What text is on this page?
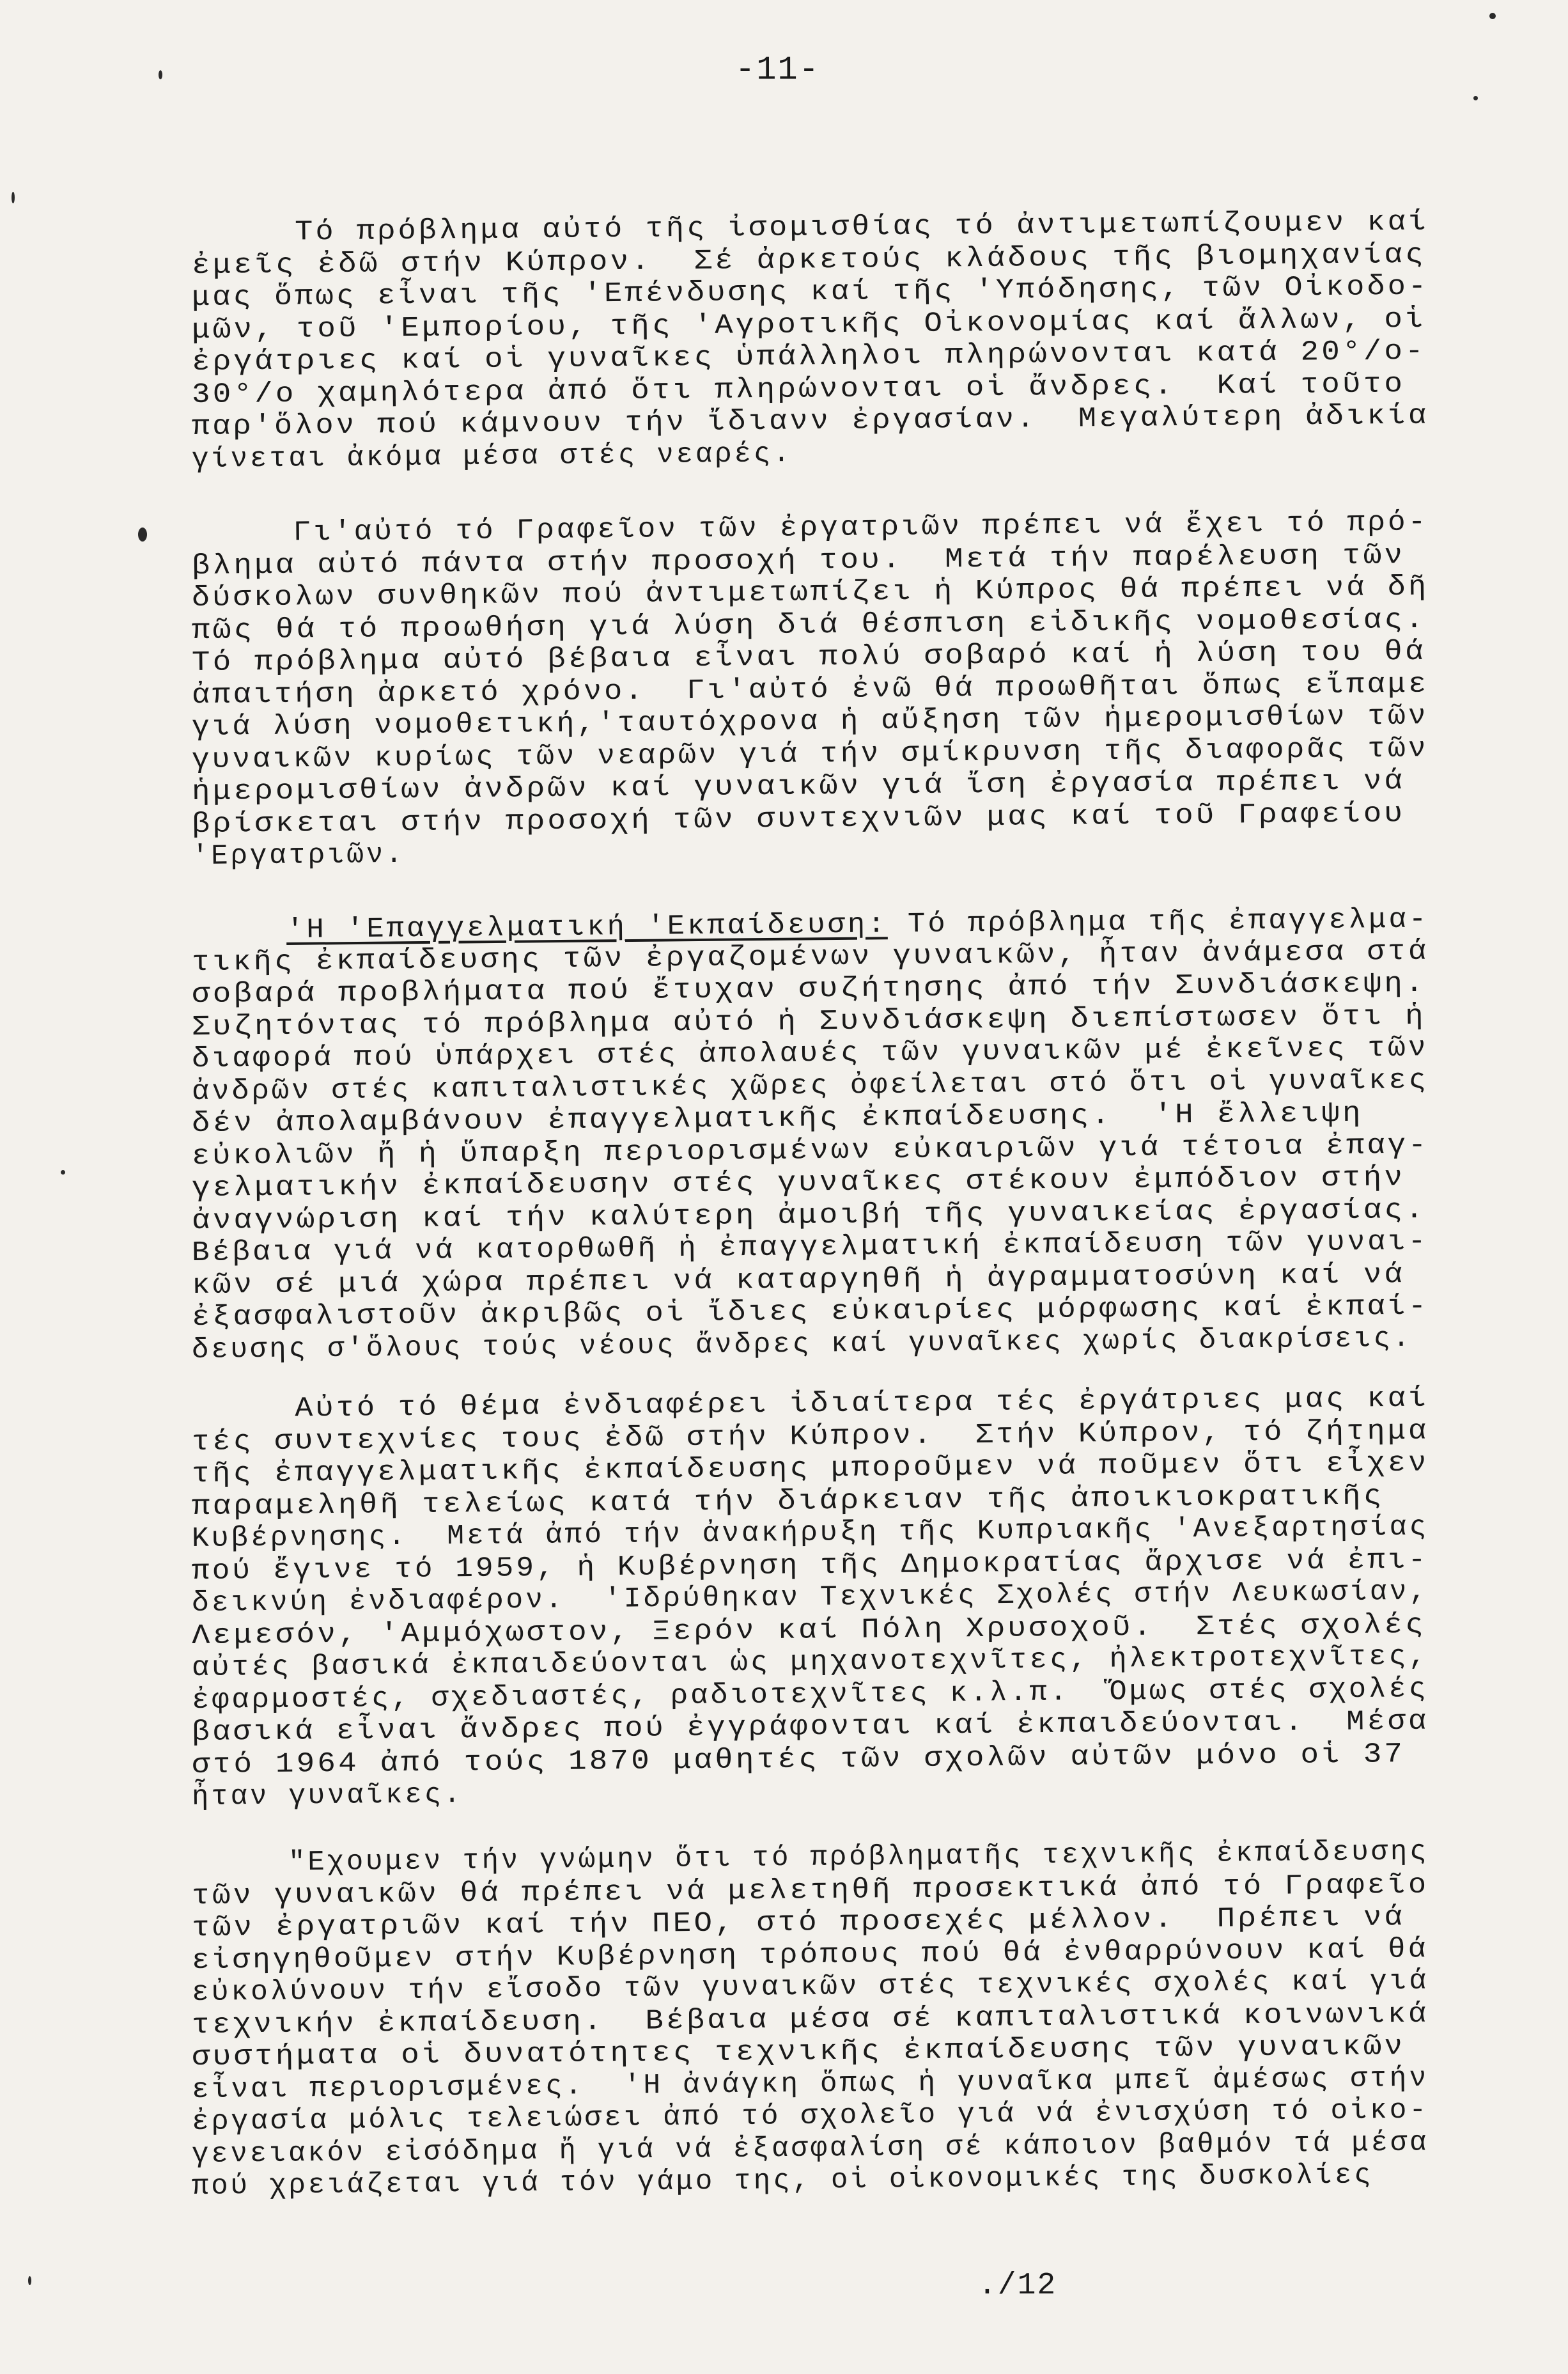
-11-
Τό πρόβλημα αὐτό τῆς ἰσομισθίας τό ἀντιμετωπίζουμεν καί
ἐμεῖς ἐδῶ στήν Κύπρον.  Σέ ἀρκετούς κλάδους τῆς βιομηχανίας
μας ὅπως εἶναι τῆς 'Επένδυσης καί τῆς 'Υπόδησης, τῶν Οἰκοδο-
μῶν, τοῦ 'Εμπορίου, τῆς 'Αγροτικῆς Οἰκονομίας καί ἄλλων, οἱ
ἐργάτριες καί οἱ γυναῖκες ὑπάλληλοι πληρώνονται κατά 20°/ο-
30°/ο χαμηλότερα ἀπό ὅτι πληρώνονται οἱ ἄνδρες.  Καί τοῦτο
παρ'ὅλον πού κάμνουν τήν ἴδιανν ἐργασίαν.  Μεγαλύτερη ἀδικία
γίνεται ἀκόμα μέσα στές νεαρές.
Γι'αὐτό τό Γραφεῖον τῶν ἐργατριῶν πρέπει νά ἔχει τό πρό-
βλημα αὐτό πάντα στήν προσοχή του.  Μετά τήν παρέλευση τῶν
δύσκολων συνθηκῶν πού ἀντιμετωπίζει ἡ Κύπρος θά πρέπει νά δῆ
πῶς θά τό προωθήση γιά λύση διά θέσπιση εἰδικῆς νομοθεσίας.
Τό πρόβλημα αὐτό βέβαια εἶναι πολύ σοβαρό καί ἡ λύση του θά
ἀπαιτήση ἀρκετό χρόνο.  Γι'αὐτό ἐνῶ θά προωθῆται ὅπως εἴπαμε
γιά λύση νομοθετική,'ταυτόχρονα ἡ αὔξηση τῶν ἡμερομισθίων τῶν
γυναικῶν κυρίως τῶν νεαρῶν γιά τήν σμίκρυνση τῆς διαφορᾶς τῶν
ἡμερομισθίων ἀνδρῶν καί γυναικῶν γιά ἴση ἐργασία πρέπει νά
βρίσκεται στήν προσοχή τῶν συντεχνιῶν μας καί τοῦ Γραφείου
'Εργατριῶν.
'Η 'Επαγγελματική 'Εκπαίδευση: Τό πρόβλημα τῆς ἐπαγγελμα-
τικῆς ἐκπαίδευσης τῶν ἐργαζομένων γυναικῶν, ἦταν ἀνάμεσα στά
σοβαρά προβλήματα πού ἔτυχαν συζήτησης ἀπό τήν Συνδιάσκεψη.
Συζητόντας τό πρόβλημα αὐτό ἡ Συνδιάσκεψη διεπίστωσεν ὅτι ἡ
διαφορά πού ὑπάρχει στές ἀπολαυές τῶν γυναικῶν μέ ἐκεῖνες τῶν
ἀνδρῶν στές καπιταλιστικές χῶρες ὀφείλεται στό ὅτι οἱ γυναῖκες
δέν ἀπολαμβάνουν ἐπαγγελματικῆς ἐκπαίδευσης.  'Η ἔλλειψη
εὐκολιῶν ἤ ἡ ὕπαρξη περιορισμένων εὐκαιριῶν γιά τέτοια ἐπαγ-
γελματικήν ἐκπαίδευσην στές γυναῖκες στέκουν ἐμπόδιον στήν
ἀναγνώριση καί τήν καλύτερη ἀμοιβή τῆς γυναικείας ἐργασίας.
Βέβαια γιά νά κατορθωθῆ ἡ ἐπαγγελματική ἐκπαίδευση τῶν γυναι-
κῶν σέ μιά χώρα πρέπει νά καταργηθῆ ἡ ἀγραμματοσύνη καί νά
ἐξασφαλιστοῦν ἀκριβῶς οἱ ἴδιες εὐκαιρίες μόρφωσης καί ἐκπαί-
δευσης σ'ὅλους τούς νέους ἄνδρες καί γυναῖκες χωρίς διακρίσεις.
Αὐτό τό θέμα ἐνδιαφέρει ἰδιαίτερα τές ἐργάτριες μας καί
τές συντεχνίες τους ἐδῶ στήν Κύπρον.  Στήν Κύπρον, τό ζήτημα
τῆς ἐπαγγελματικῆς ἐκπαίδευσης μποροῦμεν νά ποῦμεν ὅτι εἶχεν
παραμεληθῆ τελείως κατά τήν διάρκειαν τῆς ἀποικιοκρατικῆς
Κυβέρνησης.  Μετά ἀπό τήν ἀνακήρυξη τῆς Κυπριακῆς 'Ανεξαρτησίας
πού ἔγινε τό 1959, ἡ Κυβέρνηση τῆς Δημοκρατίας ἄρχισε νά ἐπι-
δεικνύη ἐνδιαφέρον.  'Ιδρύθηκαν Τεχνικές Σχολές στήν Λευκωσίαν,
Λεμεσόν, 'Αμμόχωστον, Ξερόν καί Πόλη Χρυσοχοῦ.  Στές σχολές
αὐτές βασικά ἐκπαιδεύονται ὡς μηχανοτεχνῖτες, ἠλεκτροτεχνῖτες,
ἐφαρμοστές, σχεδιαστές, ραδιοτεχνῖτες κ.λ.π.  Ὅμως στές σχολές
βασικά εἶναι ἄνδρες πού ἐγγράφονται καί ἐκπαιδεύονται.  Μέσα
στό 1964 ἀπό τούς 1870 μαθητές τῶν σχολῶν αὐτῶν μόνο οἱ 37
ἦταν γυναῖκες.
"Εχουμεν τήν γνώμην ὅτι τό πρόβληματῆς τεχνικῆς ἐκπαίδευσης
τῶν γυναικῶν θά πρέπει νά μελετηθῆ προσεκτικά ἀπό τό Γραφεῖο
τῶν ἐργατριῶν καί τήν ΠΕΟ, στό προσεχές μέλλον.  Πρέπει νά
εἰσηγηθοῦμεν στήν Κυβέρνηση τρόπους πού θά ἐνθαρρύνουν καί θά
εὐκολύνουν τήν εἴσοδο τῶν γυναικῶν στές τεχνικές σχολές καί γιά
τεχνικήν ἐκπαίδευση.  Βέβαια μέσα σέ καπιταλιστικά κοινωνικά
συστήματα οἱ δυνατότητες τεχνικῆς ἐκπαίδευσης τῶν γυναικῶν
εἶναι περιορισμένες.  'Η ἀνάγκη ὅπως ἡ γυναῖκα μπεῖ ἀμέσως στήν
ἐργασία μόλις τελειώσει ἀπό τό σχολεῖο γιά νά ἐνισχύση τό οἰκο-
γενειακόν εἰσόδημα ἤ γιά νά ἐξασφαλίση σέ κάποιον βαθμόν τά μέσα
πού χρειάζεται γιά τόν γάμο της, οἱ οἰκονομικές της δυσκολίες
./12
